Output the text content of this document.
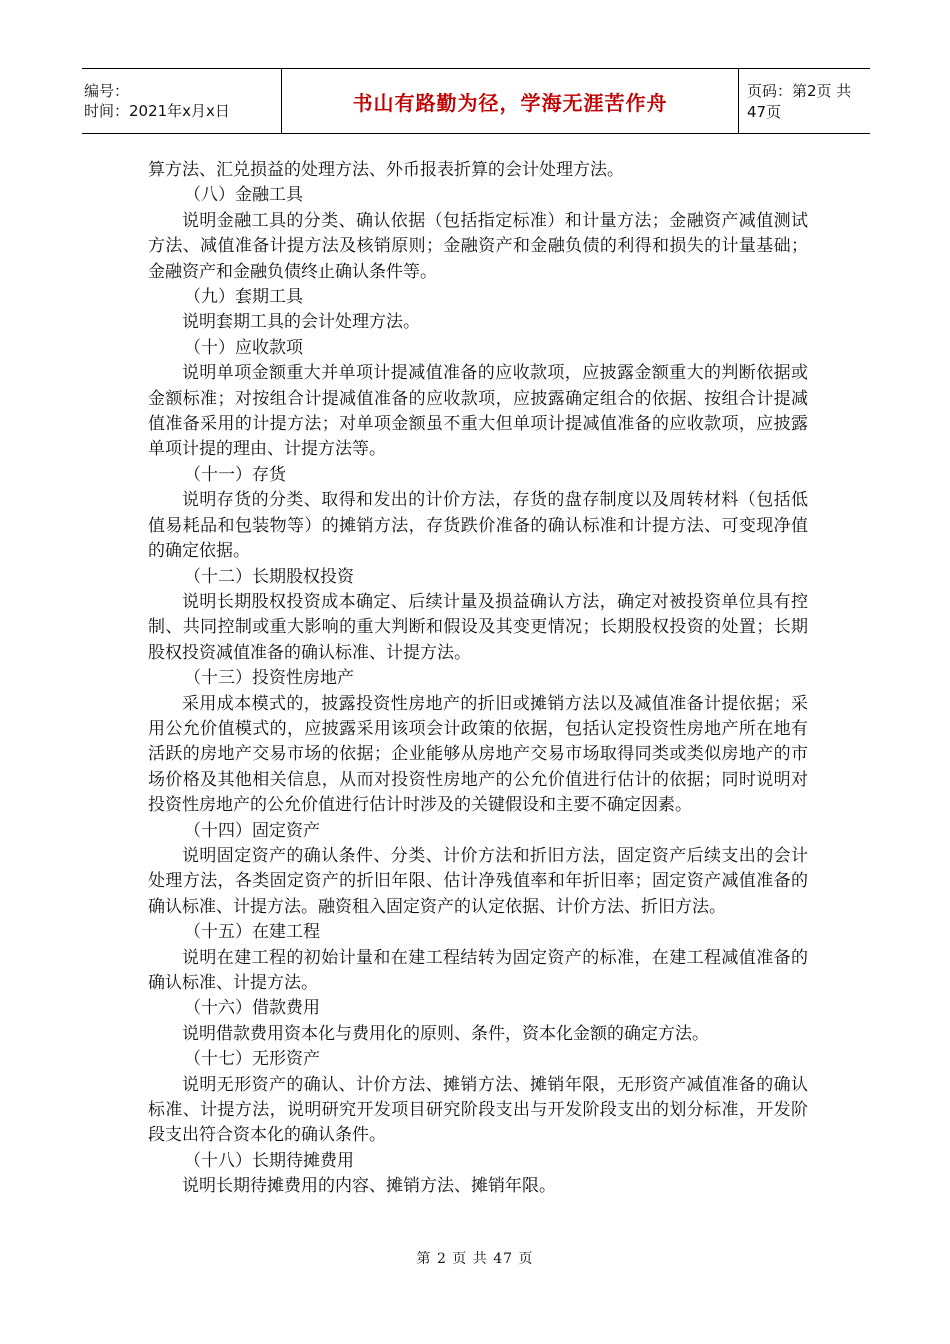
编号：
时间：2021年x月x日	书山有路勤为径，学海无涯苦作舟	页码：第2页 共47页

算方法、汇兑损益的处理方法、外币报表折算的会计处理方法。

（八）金融工具

说明金融工具的分类、确认依据（包括指定标准）和计量方法；金融资产减值测试方法、减值准备计提方法及核销原则；金融资产和金融负债的利得和损失的计量基础；金融资产和金融负债终止确认条件等。

（九）套期工具

说明套期工具的会计处理方法。

（十）应收款项

说明单项金额重大并单项计提减值准备的应收款项，应披露金额重大的判断依据或金额标准；对按组合计提减值准备的应收款项，应披露确定组合的依据、按组合计提减值准备采用的计提方法；对单项金额虽不重大但单项计提减值准备的应收款项，应披露单项计提的理由、计提方法等。

（十一）存货

说明存货的分类、取得和发出的计价方法，存货的盘存制度以及周转材料（包括低值易耗品和包装物等）的摊销方法，存货跌价准备的确认标准和计提方法、可变现净值的确定依据。

（十二）长期股权投资

说明长期股权投资成本确定、后续计量及损益确认方法，确定对被投资单位具有控制、共同控制或重大影响的重大判断和假设及其变更情况；长期股权投资的处置；长期股权投资减值准备的确认标准、计提方法。

（十三）投资性房地产

采用成本模式的，披露投资性房地产的折旧或摊销方法以及减值准备计提依据；采用公允价值模式的，应披露采用该项会计政策的依据，包括认定投资性房地产所在地有活跃的房地产交易市场的依据；企业能够从房地产交易市场取得同类或类似房地产的市场价格及其他相关信息，从而对投资性房地产的公允价值进行估计的依据；同时说明对投资性房地产的公允价值进行估计时涉及的关键假设和主要不确定因素。

（十四）固定资产

说明固定资产的确认条件、分类、计价方法和折旧方法，固定资产后续支出的会计处理方法，各类固定资产的折旧年限、估计净残值率和年折旧率；固定资产减值准备的确认标准、计提方法。融资租入固定资产的认定依据、计价方法、折旧方法。

（十五）在建工程

说明在建工程的初始计量和在建工程结转为固定资产的标准，在建工程减值准备的确认标准、计提方法。

（十六）借款费用

说明借款费用资本化与费用化的原则、条件，资本化金额的确定方法。

（十七）无形资产

说明无形资产的确认、计价方法、摊销方法、摊销年限，无形资产减值准备的确认标准、计提方法，说明研究开发项目研究阶段支出与开发阶段支出的划分标准，开发阶段支出符合资本化的确认条件。

（十八）长期待摊费用

说明长期待摊费用的内容、摊销方法、摊销年限。

第 2 页 共 47 页
